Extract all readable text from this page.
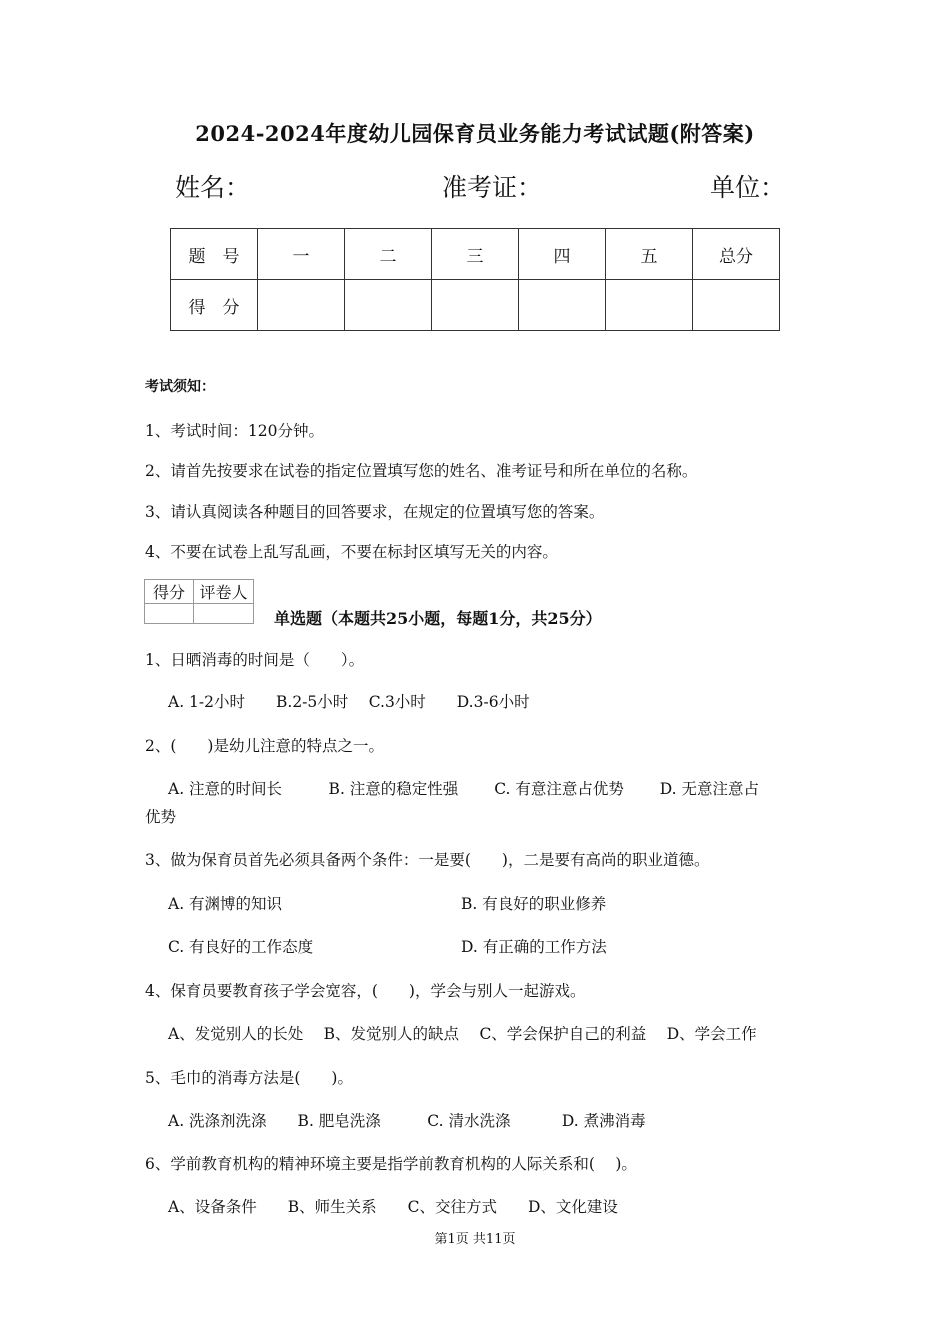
2024-2024年度幼儿园保育员业务能力考试试题(附答案)
姓名：	准考证：	单位：
题　号	一	二	三	四	五	总分
得　分						
考试须知：
1、考试时间：120分钟。
2、请首先按要求在试卷的指定位置填写您的姓名、准考证号和所在单位的名称。
3、请认真阅读各种题目的回答要求，在规定的位置填写您的答案。
4、不要在试卷上乱写乱画，不要在标封区填写无关的内容。
得分	评卷人

单选题（本题共25小题，每题1分，共25分）
1、日晒消毒的时间是（　　）。
A. 1-2小时　　B.2-5小时　 C.3小时　　D.3-6小时
2、(　　)是幼儿注意的特点之一。
A. 注意的时间长　　　B. 注意的稳定性强　　 C. 有意注意占优势　　 D. 无意注意占
优势
3、做为保育员首先必须具备两个条件：一是要(　　)，二是要有高尚的职业道德。
A. 有渊博的知识	B. 有良好的职业修养
C. 有良好的工作态度	D. 有正确的工作方法
4、保育员要教育孩子学会宽容，(　　)，学会与别人一起游戏。
A、发觉别人的长处　 B、发觉别人的缺点　 C、学会保护自己的利益　 D、学会工作
5、毛巾的消毒方法是(　　)。
A. 洗涤剂洗涤　　B. 肥皂洗涤　　　C. 清水洗涤　　　 D. 煮沸消毒
6、学前教育机构的精神环境主要是指学前教育机构的人际关系和(　 )。
A、设备条件　　B、师生关系　　C、交往方式　　D、文化建设
第1页 共11页
